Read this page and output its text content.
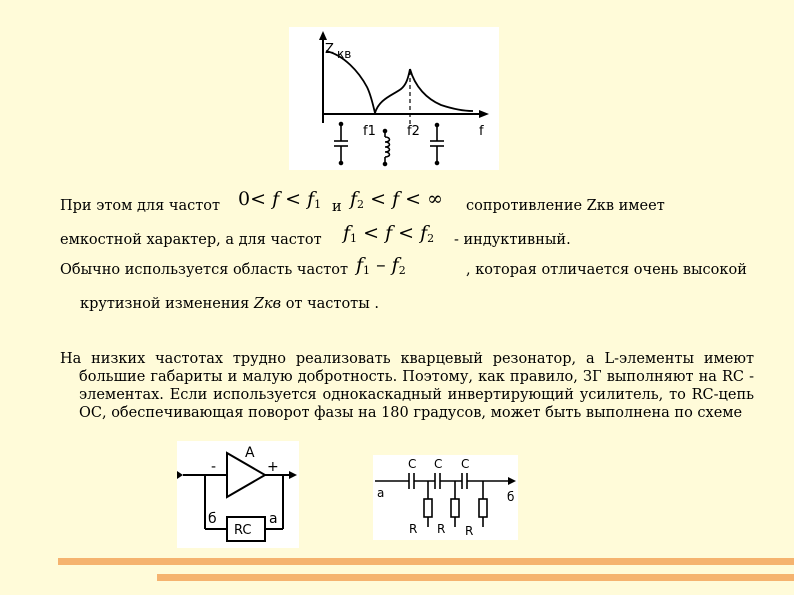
Z кв
f1 f2	f
При этом для частот $0< f < f_1$ и $f_2 < f$ < ∞ сопротивление Zкв имеет
емкостной характер, а для частот $f_1 < f < f_2$ - индуктивный.
Обычно используется область частот $f_1 - f_2$	, которая отличается очень высокой
крутизной изменения Zкв от частоты .
На низких частотах трудно реализовать кварцевый резонатор, а L-элементы имеют большие габариты и малую добротность. Поэтому, как правило, ЗГ выполняют на RC - элементах. Если используется однокаскадный инвертирующий усилитель, то RC-цепь ОС, обеспечивающая поворот фазы на 180 градусов, может быть выполнена по схеме
A
-	+
б
RC
а
C C C
а	б
R R R
